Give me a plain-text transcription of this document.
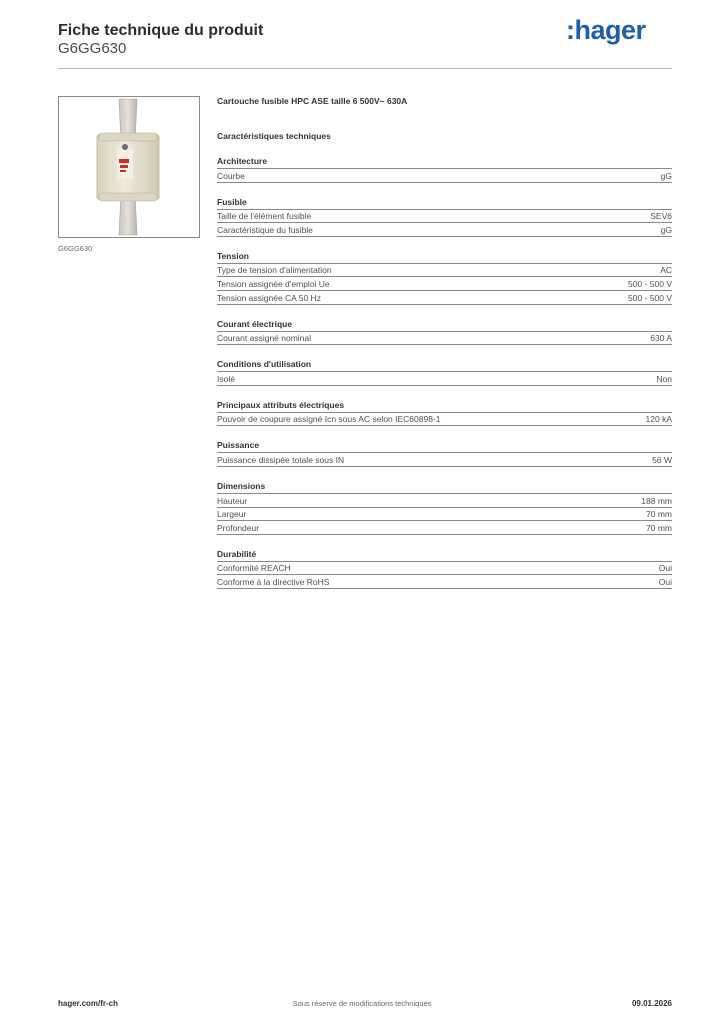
Fiche technique du produit
G6GG630
:hager
G6GG630
Cartouche fusible HPC ASE taille 6 500V~ 630A
Caractéristiques techniques
Architecture
Courbe	gG
Fusible
Taille de l'élément fusible	SEV6
Caractéristique du fusible	gG
Tension
Type de tension d'alimentation	AC
Tension assignée d'emploi Ue	500 - 500 V
Tension assignée CA 50 Hz	500 - 500 V
Courant électrique
Courant assigné nominal	630 A
Conditions d'utilisation
Isolé	Non
Principaux attributs électriques
Pouvoir de coupure assigné Icn sous AC selon IEC60898-1	120 kA
Puissance
Puissance dissipée totale sous IN	56 W
Dimensions
Hauteur	188 mm
Largeur	70 mm
Profondeur	70 mm
Durabilité
Conformité REACH	Oui
Conforme à la directive RoHS	Oui
hager.com/fr-ch	Sous réserve de modifications techniques	09.01.2026
